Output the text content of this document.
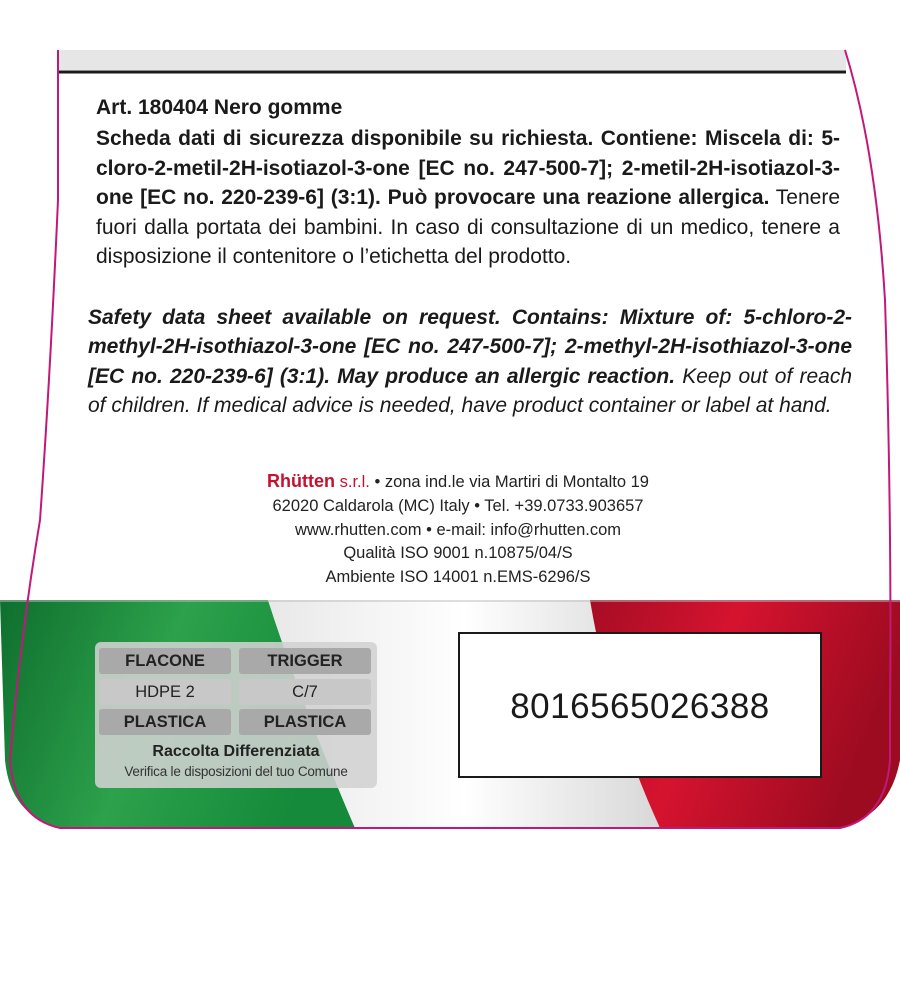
Art. 180404 Nero gomme
Scheda dati di sicurezza disponibile su richiesta. Contiene: Miscela di: 5-cloro-2-metil-2H-isotiazol-3-one [EC no. 247-500-7]; 2-metil-2H-isotiazol-3-one [EC no. 220-239-6] (3:1). Può provocare una reazione allergica. Tenere fuori dalla portata dei bambini. In caso di consultazione di un medico, tenere a disposizione il contenitore o l’etichetta del prodotto.
Safety data sheet available on request. Contains: Mixture of: 5-chloro-2-methyl-2H-isothiazol-3-one [EC no. 247-500-7]; 2-methyl-2H-isothiazol-3-one [EC no. 220-239-6] (3:1). May produce an allergic reaction. Keep out of reach of children. If medical advice is needed, have product container or label at hand.
Rhütten s.r.l. • zona ind.le via Martiri di Montalto 19
62020 Caldarola (MC) Italy • Tel. +39.0733.903657
www.rhutten.com • e-mail: info@rhutten.com
Qualità ISO 9001 n.10875/04/S
Ambiente ISO 14001 n.EMS-6296/S
FLACONE	TRIGGER
HDPE 2	C/7
PLASTICA	PLASTICA
Raccolta Differenziata
Verifica le disposizioni del tuo Comune
8016565026388
